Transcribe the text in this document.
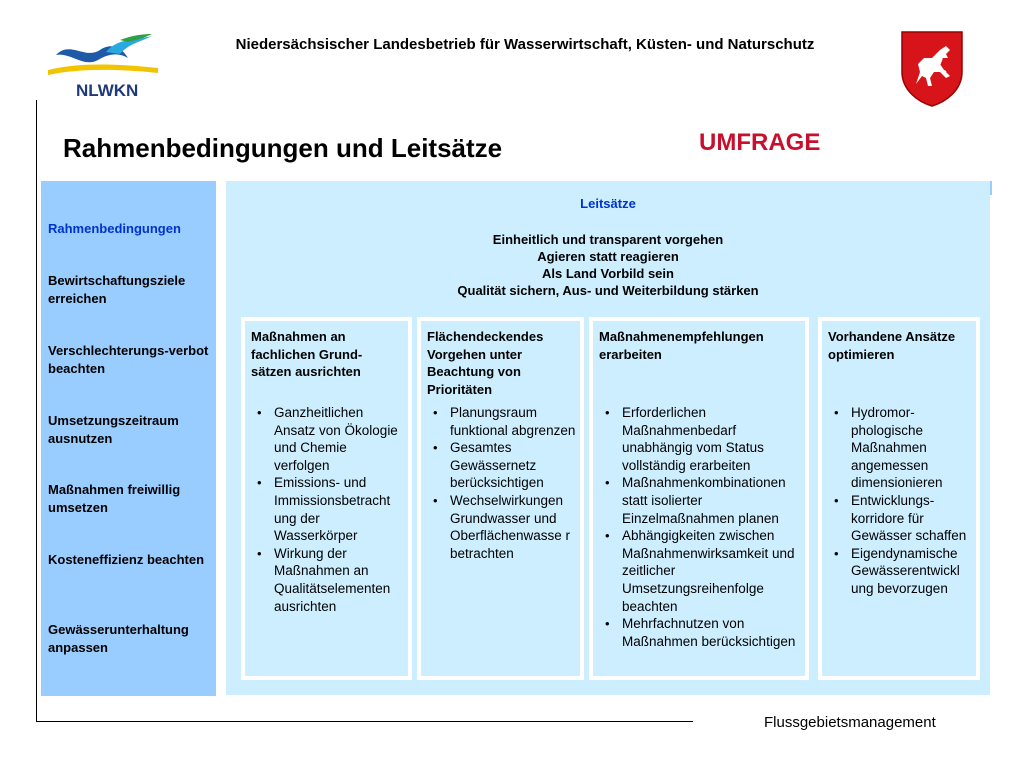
NLWKN
Niedersächsischer Landesbetrieb für Wasserwirtschaft, Küsten- und Naturschutz
Rahmenbedingungen und Leitsätze	UMFRAGE
Rahmenbedingungen
Bewirtschaftungsziele erreichen
Verschlechterungs-verbot beachten
Umsetzungszeitraum ausnutzen
Maßnahmen freiwillig umsetzen
Kosteneffizienz beachten
Gewässerunterhaltung anpassen
Leitsätze
Einheitlich und transparent vorgehen
Agieren statt reagieren
Als Land Vorbild sein
Qualität sichern, Aus- und Weiterbildung stärken
Maßnahmen an fachlichen Grund-sätzen ausrichten
• Ganzheitlichen Ansatz von Ökologie und Chemie verfolgen
• Emissions- und Immissionsbetracht ung der Wasserkörper
• Wirkung der Maßnahmen an Qualitätselementen ausrichten
Flächendeckendes Vorgehen unter Beachtung von Prioritäten
• Planungsraum funktional abgrenzen
• Gesamtes Gewässernetz berücksichtigen
• Wechselwirkungen Grundwasser und Oberflächenwasse r betrachten
Maßnahmenempfehlungen erarbeiten
• Erforderlichen Maßnahmenbedarf unabhängig vom Status vollständig erarbeiten
• Maßnahmenkombinationen statt isolierter Einzelmaßnahmen planen
• Abhängigkeiten zwischen Maßnahmenwirksamkeit und zeitlicher Umsetzungsreihenfolge beachten
• Mehrfachnutzen von Maßnahmen berücksichtigen
Vorhandene Ansätze optimieren
• Hydromor-phologische Maßnahmen angemessen dimensionieren
• Entwicklungs-korridore für Gewässer schaffen
• Eigendynamische Gewässerentwickl ung bevorzugen
Flussgebietsmanagement
